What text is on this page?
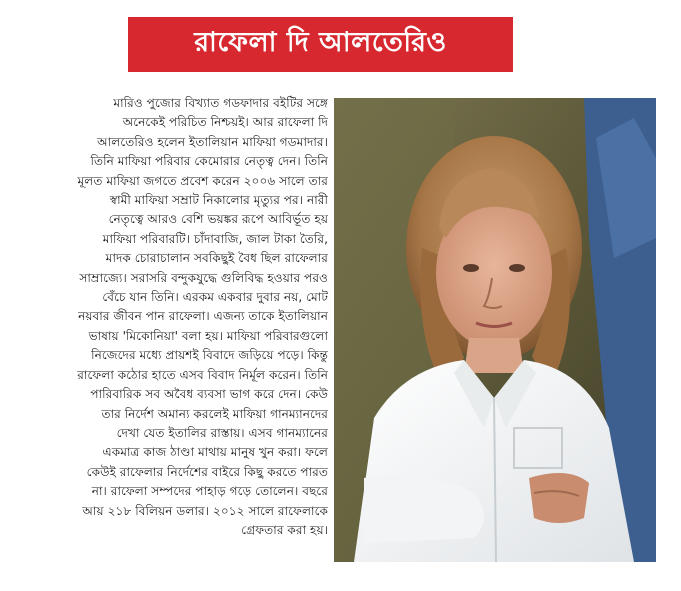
রাফেলা দি আলতেরিও
মারিও পুজোর বিখ্যাত গডফাদার বইটির সঙ্গে
অনেকেই পরিচিত নিশ্চয়ই। আর রাফেলা দি
আলতেরিও হলেন ইতালিয়ান মাফিয়া গডমাদার।
তিনি মাফিয়া পরিবার কেমোরার নেতৃত্ব দেন। তিনি
মূলত মাফিয়া জগতে প্রবেশ করেন ২০০৬ সালে তার
স্বামী মাফিয়া সম্রাট নিকালোর মৃত্যুর পর। নারী
নেতৃত্বে আরও বেশি ভয়ঙ্কর রূপে আবির্ভূত হয়
মাফিয়া পরিবারটি। চাঁদাবাজি, জাল টাকা তৈরি,
মাদক চোরাচালান সবকিছুই বৈধ ছিল রাফেলার
সাম্রাজ্যে। সরাসরি বন্দুকযুদ্ধে গুলিবিদ্ধ হওয়ার পরও
বেঁচে যান তিনি। এরকম একবার দুবার নয়, মোট
নয়বার জীবন পান রাফেলা। এজন্য তাকে ইতালিয়ান
ভাষায় 'মিকোনিয়া' বলা হয়। মাফিয়া পরিবারগুলো
নিজেদের মধ্যে প্রায়শই বিবাদে জড়িয়ে পড়ে। কিন্তু
রাফেলা কঠোর হাতে এসব বিবাদ নির্মূল করেন। তিনি
পারিবারিক সব অবৈধ ব্যবসা ভাগ করে দেন। কেউ
তার নির্দেশ অমান্য করলেই মাফিয়া গানম্যানদের
দেখা যেত ইতালির রাস্তায়। এসব গানম্যানের
একমাত্র কাজ ঠাণ্ডা মাথায় মানুষ খুন করা। ফলে
কেউই রাফেলার নির্দেশের বাইরে কিছু করতে পারত
না। রাফেলা সম্পদের পাহাড় গড়ে তোলেন। বছরে
আয় ২১৮ বিলিয়ন ডলার। ২০১২ সালে রাফেলাকে
গ্রেফতার করা হয়।
